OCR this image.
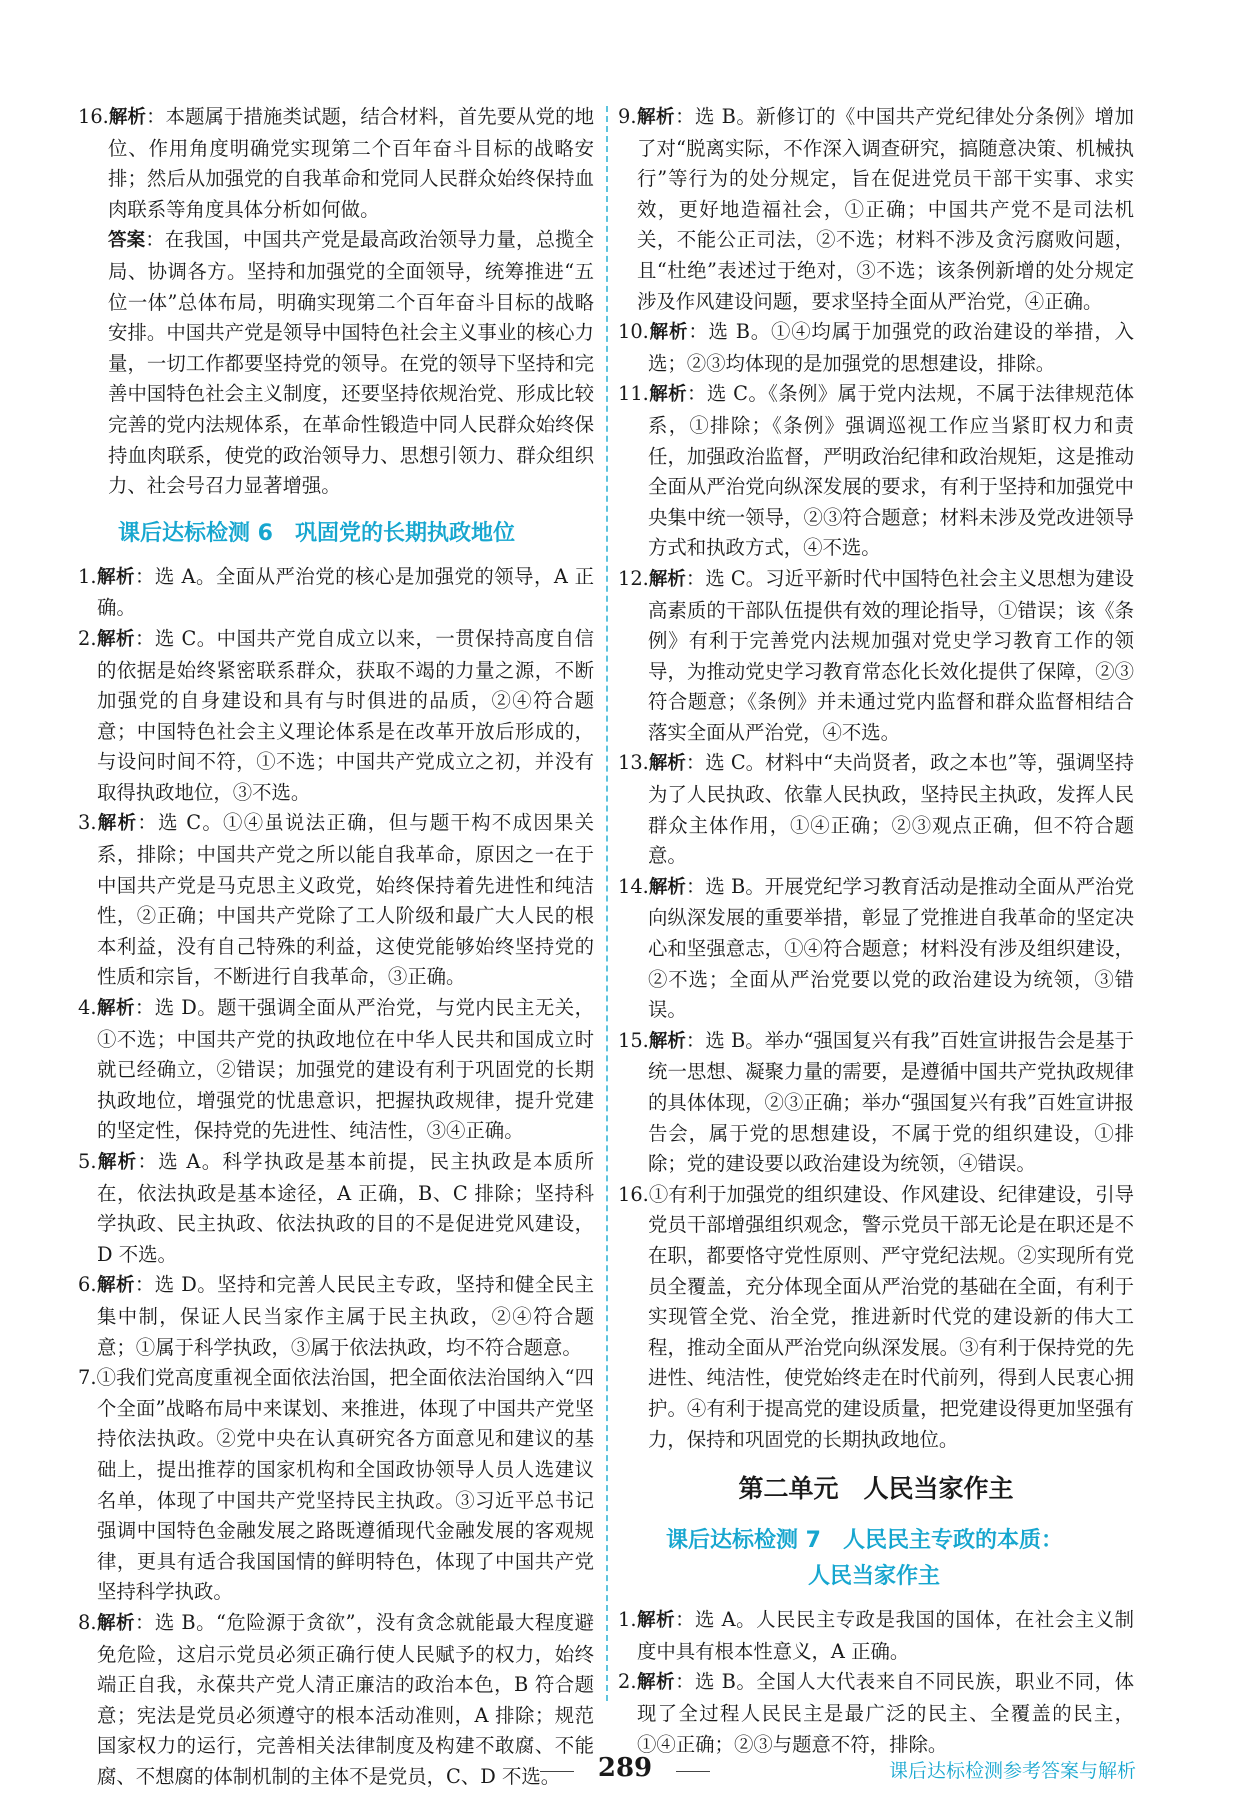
16.解析：本题属于措施类试题，结合材料，首先要从党的地位、作用角度明确党实现第二个百年奋斗目标的战略安排；然后从加强党的自我革命和党同人民群众始终保持血肉联系等角度具体分析如何做。

答案：在我国，中国共产党是最高政治领导力量，总揽全局、协调各方。坚持和加强党的全面领导，统筹推进“五位一体”总体布局，明确实现第二个百年奋斗目标的战略安排。中国共产党是领导中国特色社会主义事业的核心力量，一切工作都要坚持党的领导。在党的领导下坚持和完善中国特色社会主义制度，还要坚持依规治党、形成比较完善的党内法规体系，在革命性锻造中同人民群众始终保持血肉联系，使党的政治领导力、思想引领力、群众组织力、社会号召力显著增强。

课后达标检测 6　巩固党的长期执政地位

1.解析：选 A。全面从严治党的核心是加强党的领导，A 正确。

2.解析：选 C。中国共产党自成立以来，一贯保持高度自信的依据是始终紧密联系群众，获取不竭的力量之源，不断加强党的自身建设和具有与时俱进的品质，②④符合题意；中国特色社会主义理论体系是在改革开放后形成的，与设问时间不符，①不选；中国共产党成立之初，并没有取得执政地位，③不选。

3.解析：选 C。①④虽说法正确，但与题干构不成因果关系，排除；中国共产党之所以能自我革命，原因之一在于中国共产党是马克思主义政党，始终保持着先进性和纯洁性，②正确；中国共产党除了工人阶级和最广大人民的根本利益，没有自己特殊的利益，这使党能够始终坚持党的性质和宗旨，不断进行自我革命，③正确。

4.解析：选 D。题干强调全面从严治党，与党内民主无关，①不选；中国共产党的执政地位在中华人民共和国成立时就已经确立，②错误；加强党的建设有利于巩固党的长期执政地位，增强党的忧患意识，把握执政规律，提升党建的坚定性，保持党的先进性、纯洁性，③④正确。

5.解析：选 A。科学执政是基本前提，民主执政是本质所在，依法执政是基本途径，A 正确，B、C 排除；坚持科学执政、民主执政、依法执政的目的不是促进党风建设，D 不选。

6.解析：选 D。坚持和完善人民民主专政，坚持和健全民主集中制，保证人民当家作主属于民主执政，②④符合题意；①属于科学执政，③属于依法执政，均不符合题意。

7.①我们党高度重视全面依法治国，把全面依法治国纳入“四个全面”战略布局中来谋划、来推进，体现了中国共产党坚持依法执政。②党中央在认真研究各方面意见和建议的基础上，提出推荐的国家机构和全国政协领导人员人选建议名单，体现了中国共产党坚持民主执政。③习近平总书记强调中国特色金融发展之路既遵循现代金融发展的客观规律，更具有适合我国国情的鲜明特色，体现了中国共产党坚持科学执政。

8.解析：选 B。“危险源于贪欲”，没有贪念就能最大程度避免危险，这启示党员必须正确行使人民赋予的权力，始终端正自我，永葆共产党人清正廉洁的政治本色，B 符合题意；宪法是党员必须遵守的根本活动准则，A 排除；规范国家权力的运行，完善相关法律制度及构建不敢腐、不能腐、不想腐的体制机制的主体不是党员，C、D 不选。

9.解析：选 B。新修订的《中国共产党纪律处分条例》增加了对“脱离实际，不作深入调查研究，搞随意决策、机械执行”等行为的处分规定，旨在促进党员干部干实事、求实效，更好地造福社会，①正确；中国共产党不是司法机关，不能公正司法，②不选；材料不涉及贪污腐败问题，且“杜绝”表述过于绝对，③不选；该条例新增的处分规定涉及作风建设问题，要求坚持全面从严治党，④正确。

10.解析：选 B。①④均属于加强党的政治建设的举措，入选；②③均体现的是加强党的思想建设，排除。

11.解析：选 C。《条例》属于党内法规，不属于法律规范体系，①排除；《条例》强调巡视工作应当紧盯权力和责任，加强政治监督，严明政治纪律和政治规矩，这是推动全面从严治党向纵深发展的要求，有利于坚持和加强党中央集中统一领导，②③符合题意；材料未涉及党改进领导方式和执政方式，④不选。

12.解析：选 C。习近平新时代中国特色社会主义思想为建设高素质的干部队伍提供有效的理论指导，①错误；该《条例》有利于完善党内法规加强对党史学习教育工作的领导，为推动党史学习教育常态化长效化提供了保障，②③符合题意；《条例》并未通过党内监督和群众监督相结合落实全面从严治党，④不选。

13.解析：选 C。材料中“夫尚贤者，政之本也”等，强调坚持为了人民执政、依靠人民执政，坚持民主执政，发挥人民群众主体作用，①④正确；②③观点正确，但不符合题意。

14.解析：选 B。开展党纪学习教育活动是推动全面从严治党向纵深发展的重要举措，彰显了党推进自我革命的坚定决心和坚强意志，①④符合题意；材料没有涉及组织建设，②不选；全面从严治党要以党的政治建设为统领，③错误。

15.解析：选 B。举办“强国复兴有我”百姓宣讲报告会是基于统一思想、凝聚力量的需要，是遵循中国共产党执政规律的具体体现，②③正确；举办“强国复兴有我”百姓宣讲报告会，属于党的思想建设，不属于党的组织建设，①排除；党的建设要以政治建设为统领，④错误。

16.①有利于加强党的组织建设、作风建设、纪律建设，引导党员干部增强组织观念，警示党员干部无论是在职还是不在职，都要恪守党性原则、严守党纪法规。②实现所有党员全覆盖，充分体现全面从严治党的基础在全面，有利于实现管全党、治全党，推进新时代党的建设新的伟大工程，推动全面从严治党向纵深发展。③有利于保持党的先进性、纯洁性，使党始终走在时代前列，得到人民衷心拥护。④有利于提高党的建设质量，把党建设得更加坚强有力，保持和巩固党的长期执政地位。

第二单元　人民当家作主
课后达标检测 7　人民民主专政的本质：
人民当家作主

1.解析：选 A。人民民主专政是我国的国体，在社会主义制度中具有根本性意义，A 正确。

2.解析：选 B。全国人大代表来自不同民族，职业不同，体现了全过程人民民主是最广泛的民主、全覆盖的民主，①④正确；②③与题意不符，排除。

289	课后达标检测参考答案与解析
